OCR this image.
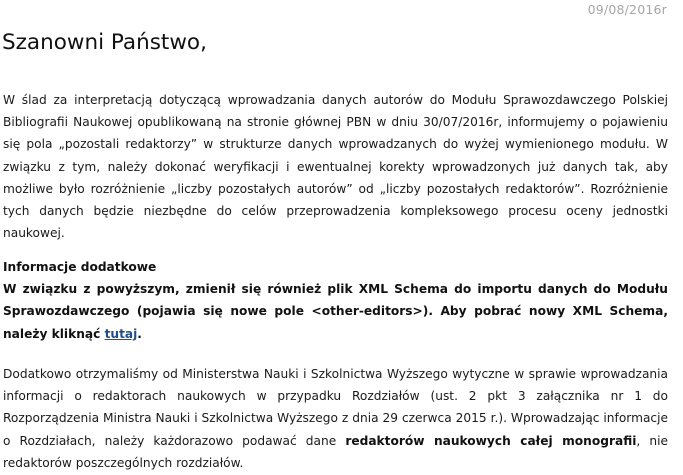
09/08/2016r
Szanowni Państwo,

W ślad za interpretacją dotyczącą wprowadzania danych autorów do Modułu Sprawozdawczego Polskiej Bibliografii Naukowej opublikowaną na stronie głównej PBN w dniu 30/07/2016r, informujemy o pojawieniu się pola „pozostali redaktorzy” w strukturze danych wprowadzanych do wyżej wymienionego modułu. W związku z tym, należy dokonać weryfikacji i ewentualnej korekty wprowadzonych już danych tak, aby możliwe było rozróżnienie „liczby pozostałych autorów” od „liczby pozostałych redaktorów”. Rozróżnienie tych danych będzie niezbędne do celów przeprowadzenia kompleksowego procesu oceny jednostki naukowej.

Informacje dodatkowe
W związku z powyższym, zmienił się również plik XML Schema do importu danych do Modułu Sprawozdawczego (pojawia się nowe pole <other-editors>). Aby pobrać nowy XML Schema, należy kliknąć tutaj.

Dodatkowo otrzymaliśmy od Ministerstwa Nauki i Szkolnictwa Wyższego wytyczne w sprawie wprowadzania informacji o redaktorach naukowych w przypadku Rozdziałów (ust. 2 pkt 3 załącznika nr 1 do Rozporządzenia Ministra Nauki i Szkolnictwa Wyższego z dnia 29 czerwca 2015 r.). Wprowadzając informacje o Rozdziałach, należy każdorazowo podawać dane redaktorów naukowych całej monografii, nie redaktorów poszczególnych rozdziałów.
